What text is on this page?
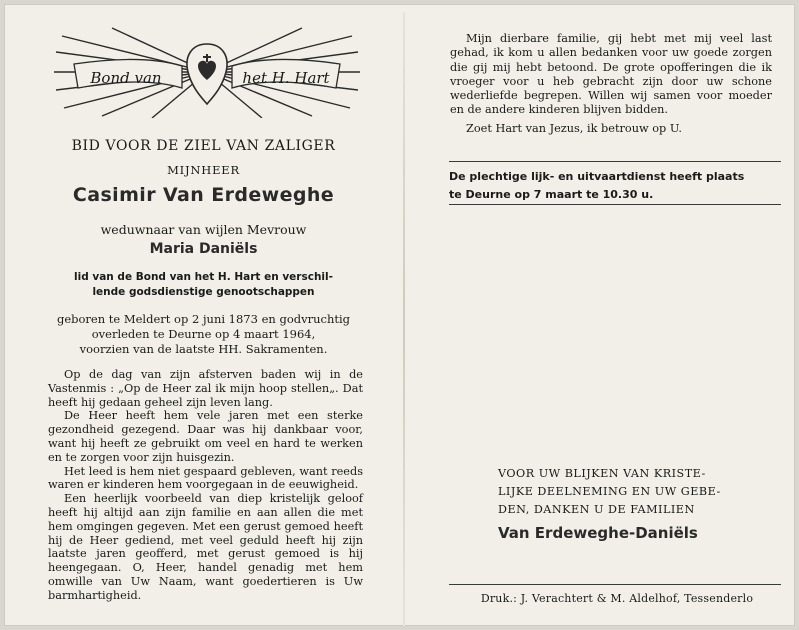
Bond van	het H. Hart
BID VOOR DE ZIEL VAN ZALIGER
MIJNHEER
Casimir Van Erdeweghe
weduwnaar van wijlen Mevrouw
Maria Daniëls
lid van de Bond van het H. Hart en verschil-
lende godsdienstige genootschappen
geboren te Meldert op 2 juni 1873 en godvruchtig
overleden te Deurne op 4 maart 1964,
voorzien van de laatste HH. Sakramenten.

Op de dag van zijn afsterven baden wij in de Vastenmis : „Op de Heer zal ik mijn hoop stellen„. Dat heeft hij gedaan geheel zijn leven lang.

De Heer heeft hem vele jaren met een sterke gezondheid gezegend. Daar was hij dankbaar voor, want hij heeft ze gebruikt om veel en hard te werken en te zorgen voor zijn huisgezin.

Het leed is hem niet gespaard gebleven, want reeds waren er kinderen hem voorgegaan in de eeuwigheid.

Een heerlijk voorbeeld van diep kristelijk geloof heeft hij altijd aan zijn familie en aan allen die met hem omgingen gegeven. Met een gerust gemoed heeft hij de Heer gediend, met veel geduld heeft hij zijn laatste jaren geofferd, met gerust gemoed is hij heengegaan. O, Heer, handel genadig met hem omwille van Uw Naam, want goedertieren is Uw barmhartigheid.

Mijn dierbare familie, gij hebt met mij veel last gehad, ik kom u allen bedanken voor uw goede zorgen die gij mij hebt betoond. De grote opofferingen die ik vroeger voor u heb gebracht zijn door uw schone wederliefde begrepen. Willen wij samen voor moeder en de andere kinderen blijven bidden.

Zoet Hart van Jezus, ik betrouw op U.

De plechtige lijk- en uitvaartdienst heeft plaats
te Deurne op 7 maart te 10.30 u.
VOOR UW BLIJKEN VAN KRISTE-
LIJKE DEELNEMING EN UW GEBE-
DEN, DANKEN U DE FAMILIEN
Van Erdeweghe-Daniëls
Druk.: J. Verachtert & M. Aldelhof, Tessenderlo
